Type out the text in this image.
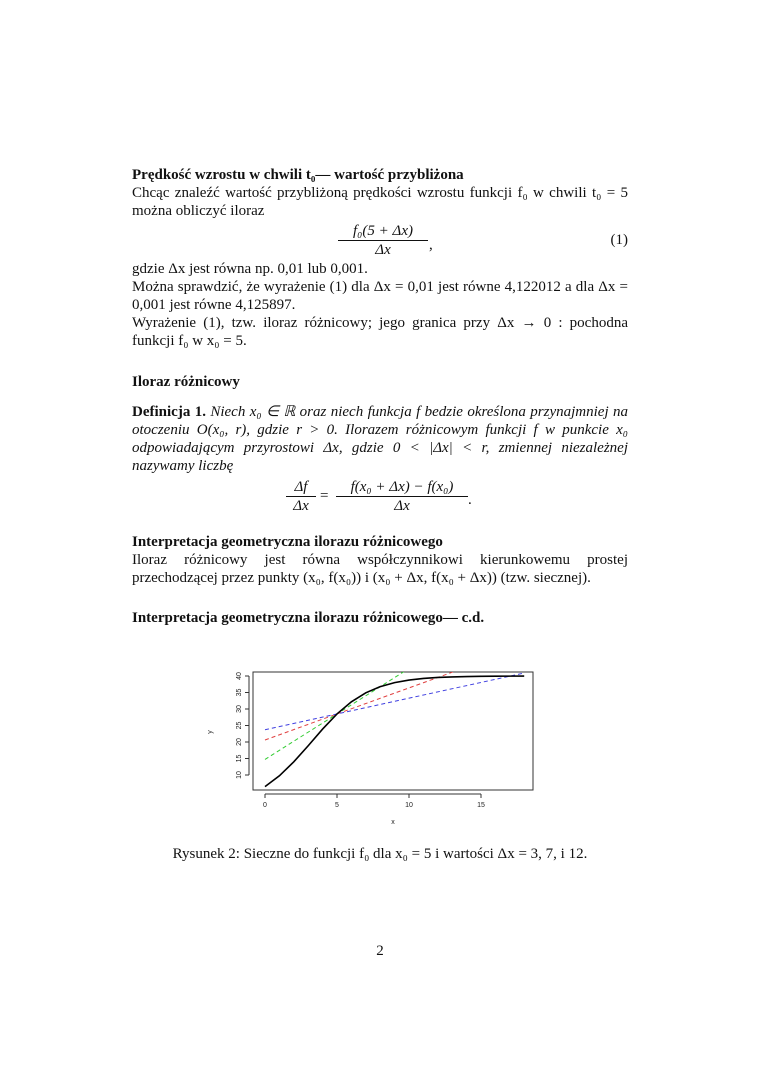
Prędkość wzrostu w chwili t₀— wartość przybliżona
Chcąc znaleźć wartość przybliżoną prędkości wzrostu funkcji f₀ w chwili t₀ = 5 można obliczyć iloraz
$\frac{\text{f₀(5 + Δx)}}{\Delta x}$ ,	(1)
gdzie Δx jest równa np. 0,01 lub 0,001.
Można sprawdzić, że wyrażenie (1) dla Δx = 0,01 jest równe 4,122012 a dla Δx = 0,001 jest równe 4,125897.
Wyrażenie (1), tzw. iloraz różnicowy; jego granica przy Δx → 0 : pochodna funkcji f₀ w x₀ = 5.
Iloraz różnicowy
Definicja 1. Niech x₀ ∈ ℝ oraz niech funkcja f bedzie określona przynajmniej na otoczeniu O(x₀, r), gdzie r > 0. Ilorazem różnicowym funkcji f w punkcie x₀ odpowiadającym przyrostowi Δx, gdzie 0 < |Δx| < r, zmiennej niezależnej nazywamy liczbę
$\frac{\Delta f}{\Delta x} = \frac{\text{f(x₀ + Δx) − f(x₀)}}{\Delta x}$ .
Interpretacja geometryczna ilorazu różnicowego
Iloraz różnicowy jest równa współczynnikowi kierunkowemu prostej przechodzącej przez punkty (x₀, f(x₀)) i (x₀ + Δx, f(x₀ + Δx)) (tzw. siecznej).
Interpretacja geometryczna ilorazu różnicowego— c.d.
0	5	10	15
10
15
20
25
30
35
40
x
y
Rysunek 2: Sieczne do funkcji f₀ dla x₀ = 5 i wartości Δx = 3, 7, i 12.
2
